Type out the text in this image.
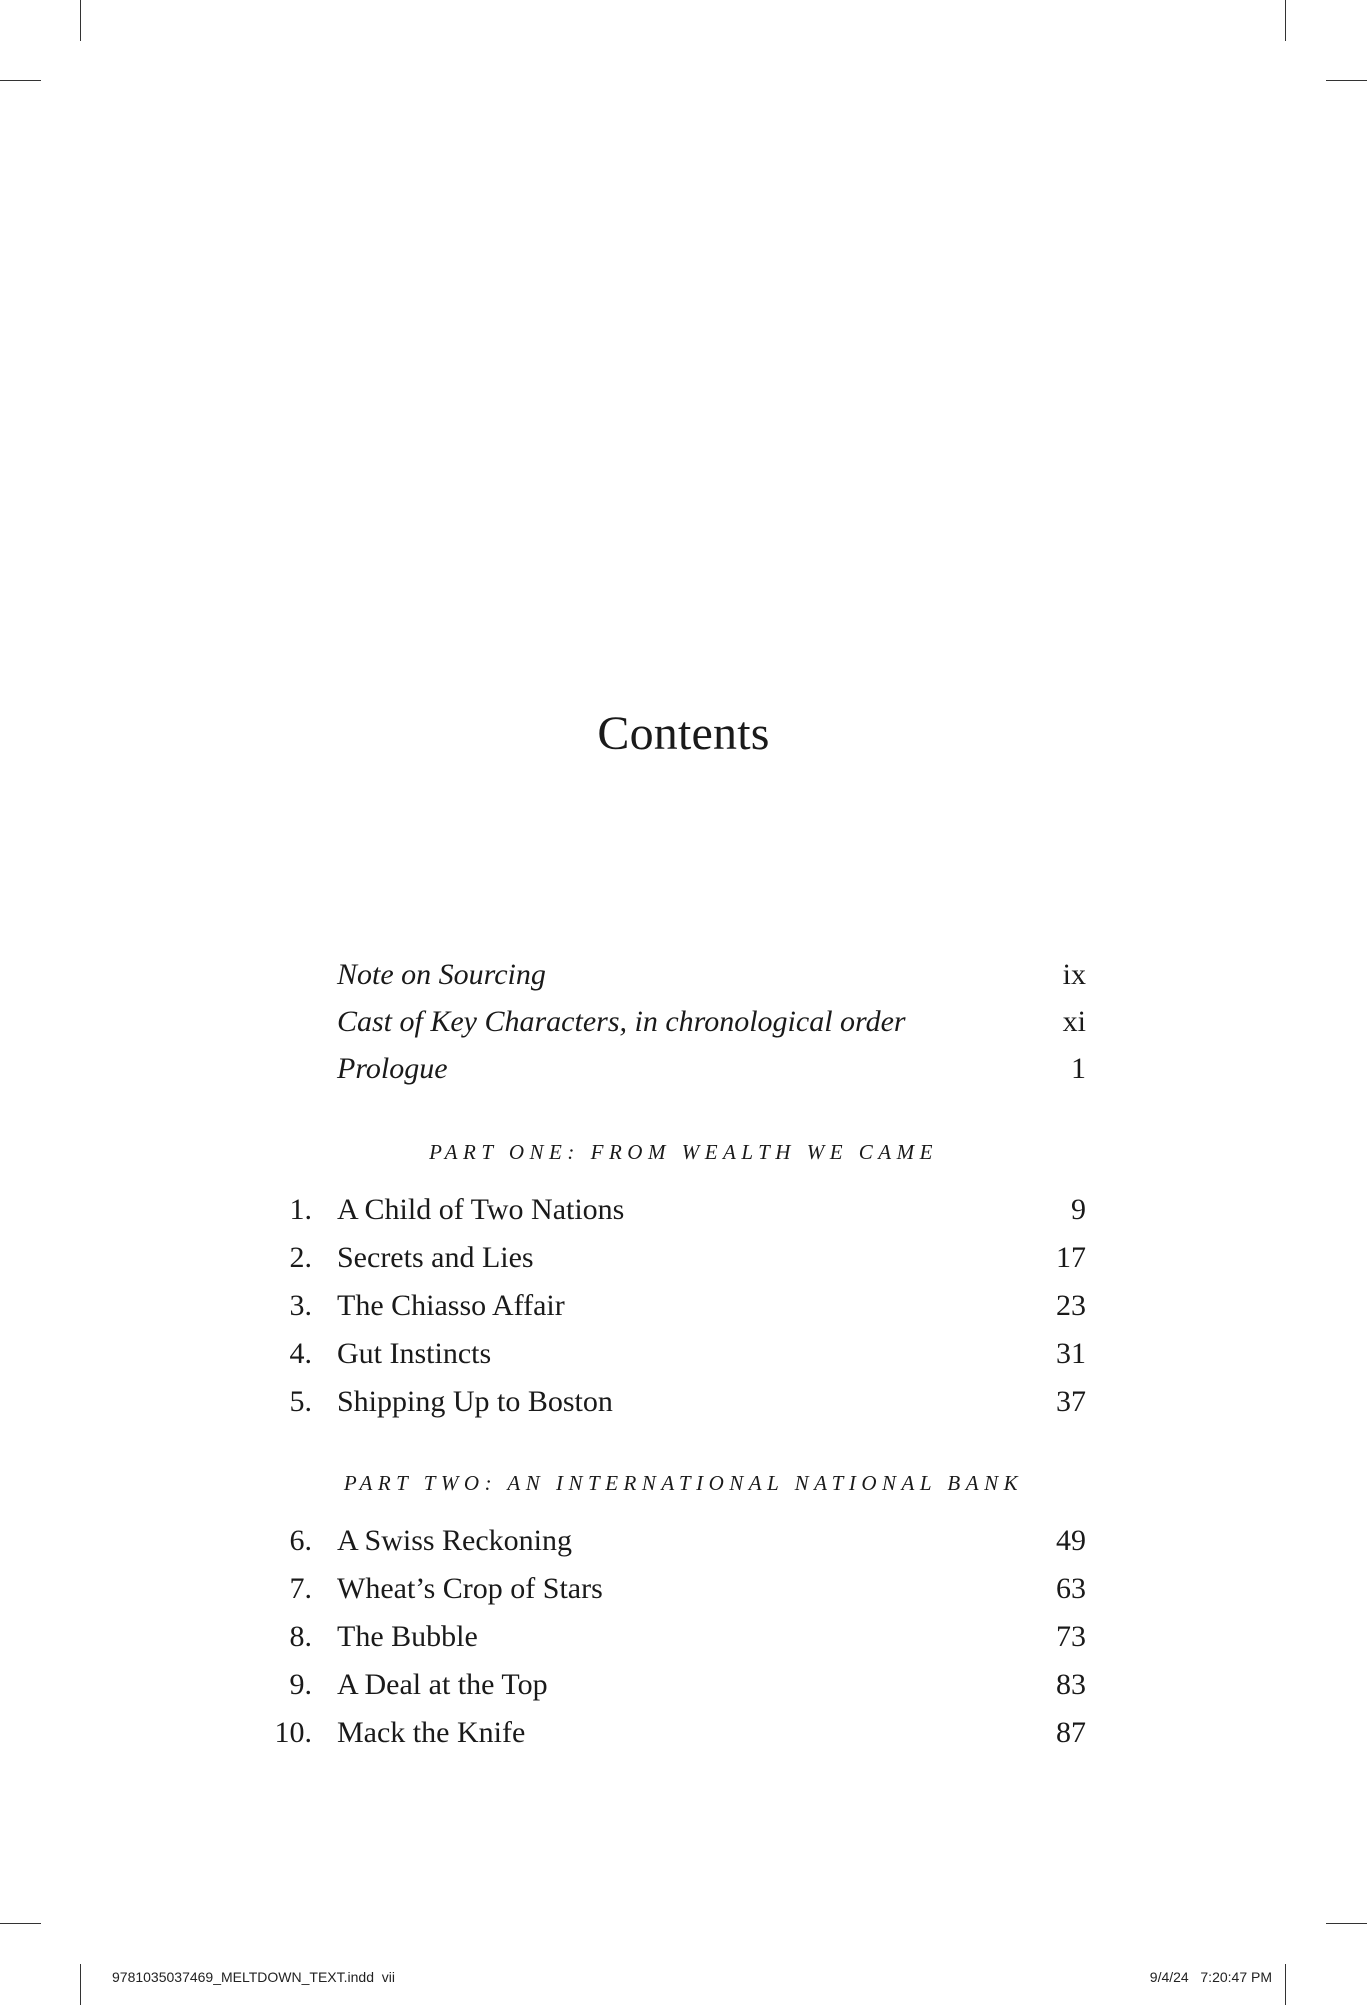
Contents
Note on Sourcing	ix
Cast of Key Characters, in chronological order	xi
Prologue	1
PART ONE: FROM WEALTH WE CAME
1. A Child of Two Nations	9
2. Secrets and Lies	17
3. The Chiasso Affair	23
4. Gut Instincts	31
5. Shipping Up to Boston	37
PART TWO: AN INTERNATIONAL NATIONAL BANK
6. A Swiss Reckoning	49
7. Wheat’s Crop of Stars	63
8. The Bubble	73
9. A Deal at the Top	83
10. Mack the Knife	87
9781035037469_MELTDOWN_TEXT.indd vii	9/4/24 7:20:47 PM
